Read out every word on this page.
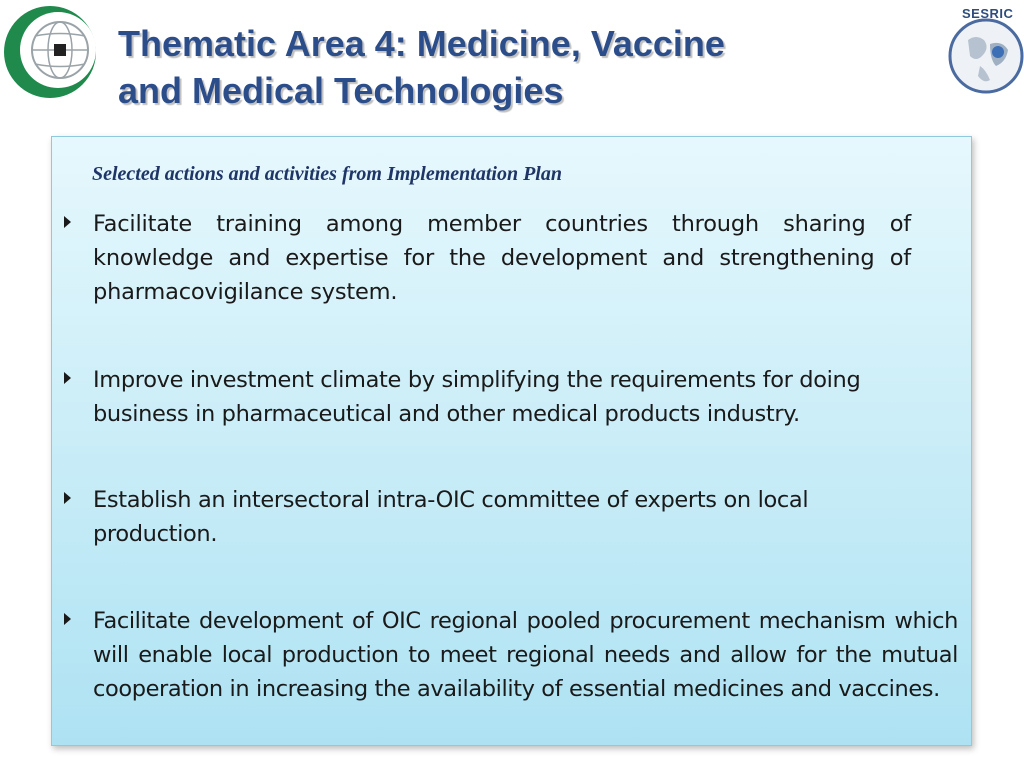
SESRIC
Thematic Area 4: Medicine, Vaccine
and Medical Technologies

Selected actions and activities from Implementation Plan

Facilitate training among member countries through sharing of knowledge and expertise for the development and strengthening of pharmacovigilance system.

Improve investment climate by simplifying the requirements for doing business in pharmaceutical and other medical products industry.

Establish an intersectoral intra-OIC committee of experts on local production.

Facilitate development of OIC regional pooled procurement mechanism which will enable local production to meet regional needs and allow for the mutual cooperation in increasing the availability of essential medicines and vaccines.
